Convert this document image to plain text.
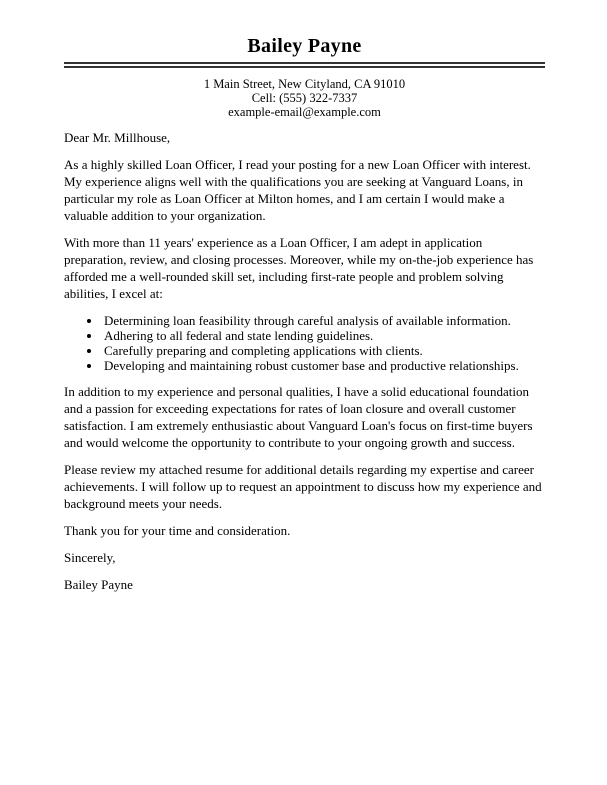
Bailey Payne
1 Main Street, New Cityland, CA 91010
Cell: (555) 322-7337
example-email@example.com

Dear Mr. Millhouse,

As a highly skilled Loan Officer, I read your posting for a new Loan Officer with interest. My experience aligns well with the qualifications you are seeking at Vanguard Loans, in particular my role as Loan Officer at Milton homes, and I am certain I would make a valuable addition to your organization.

With more than 11 years' experience as a Loan Officer, I am adept in application preparation, review, and closing processes. Moreover, while my on-the-job experience has afforded me a well-rounded skill set, including first-rate people and problem solving abilities, I excel at:

• Determining loan feasibility through careful analysis of available information.
• Adhering to all federal and state lending guidelines.
• Carefully preparing and completing applications with clients.
• Developing and maintaining robust customer base and productive relationships.

In addition to my experience and personal qualities, I have a solid educational foundation and a passion for exceeding expectations for rates of loan closure and overall customer satisfaction. I am extremely enthusiastic about Vanguard Loan's focus on first-time buyers and would welcome the opportunity to contribute to your ongoing growth and success.

Please review my attached resume for additional details regarding my expertise and career achievements. I will follow up to request an appointment to discuss how my experience and background meets your needs.

Thank you for your time and consideration.

Sincerely,

Bailey Payne
